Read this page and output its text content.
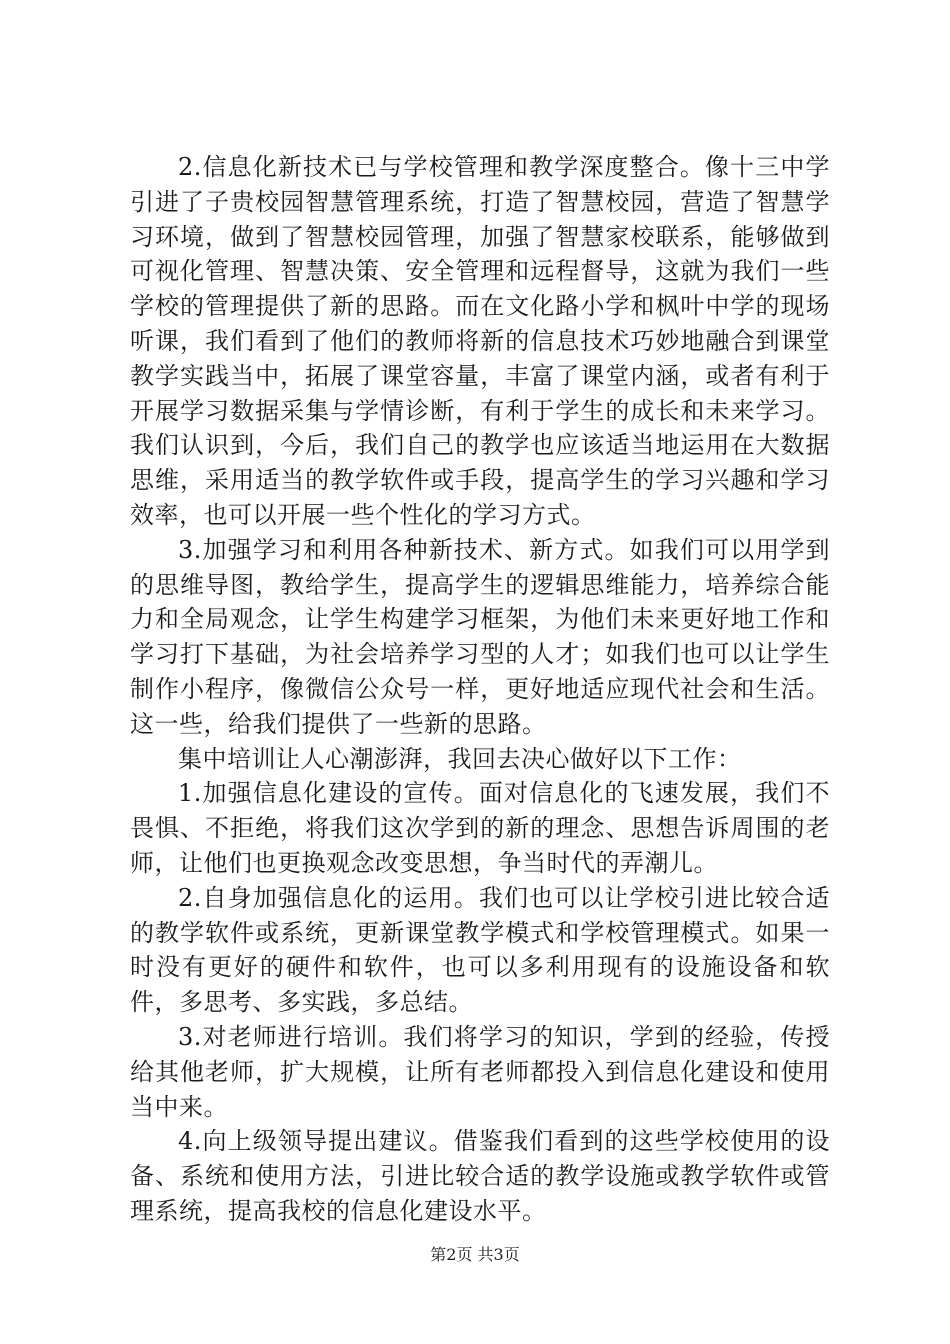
2.信息化新技术已与学校管理和教学深度整合。像十三中学引进了子贵校园智慧管理系统，打造了智慧校园，营造了智慧学习环境，做到了智慧校园管理，加强了智慧家校联系，能够做到可视化管理、智慧决策、安全管理和远程督导，这就为我们一些学校的管理提供了新的思路。而在文化路小学和枫叶中学的现场听课，我们看到了他们的教师将新的信息技术巧妙地融合到课堂教学实践当中，拓展了课堂容量，丰富了课堂内涵，或者有利于开展学习数据采集与学情诊断，有利于学生的成长和未来学习。我们认识到，今后，我们自己的教学也应该适当地运用在大数据思维，采用适当的教学软件或手段，提高学生的学习兴趣和学习效率，也可以开展一些个性化的学习方式。

3.加强学习和利用各种新技术、新方式。如我们可以用学到的思维导图，教给学生，提高学生的逻辑思维能力，培养综合能力和全局观念，让学生构建学习框架，为他们未来更好地工作和学习打下基础，为社会培养学习型的人才；如我们也可以让学生制作小程序，像微信公众号一样，更好地适应现代社会和生活。这一些，给我们提供了一些新的思路。

集中培训让人心潮澎湃，我回去决心做好以下工作：

1.加强信息化建设的宣传。面对信息化的飞速发展，我们不畏惧、不拒绝，将我们这次学到的新的理念、思想告诉周围的老师，让他们也更换观念改变思想，争当时代的弄潮儿。

2.自身加强信息化的运用。我们也可以让学校引进比较合适的教学软件或系统，更新课堂教学模式和学校管理模式。如果一时没有更好的硬件和软件，也可以多利用现有的设施设备和软件，多思考、多实践，多总结。

3.对老师进行培训。我们将学习的知识，学到的经验，传授给其他老师，扩大规模，让所有老师都投入到信息化建设和使用当中来。

4.向上级领导提出建议。借鉴我们看到的这些学校使用的设备、系统和使用方法，引进比较合适的教学设施或教学软件或管理系统，提高我校的信息化建设水平。

第2页 共3页
